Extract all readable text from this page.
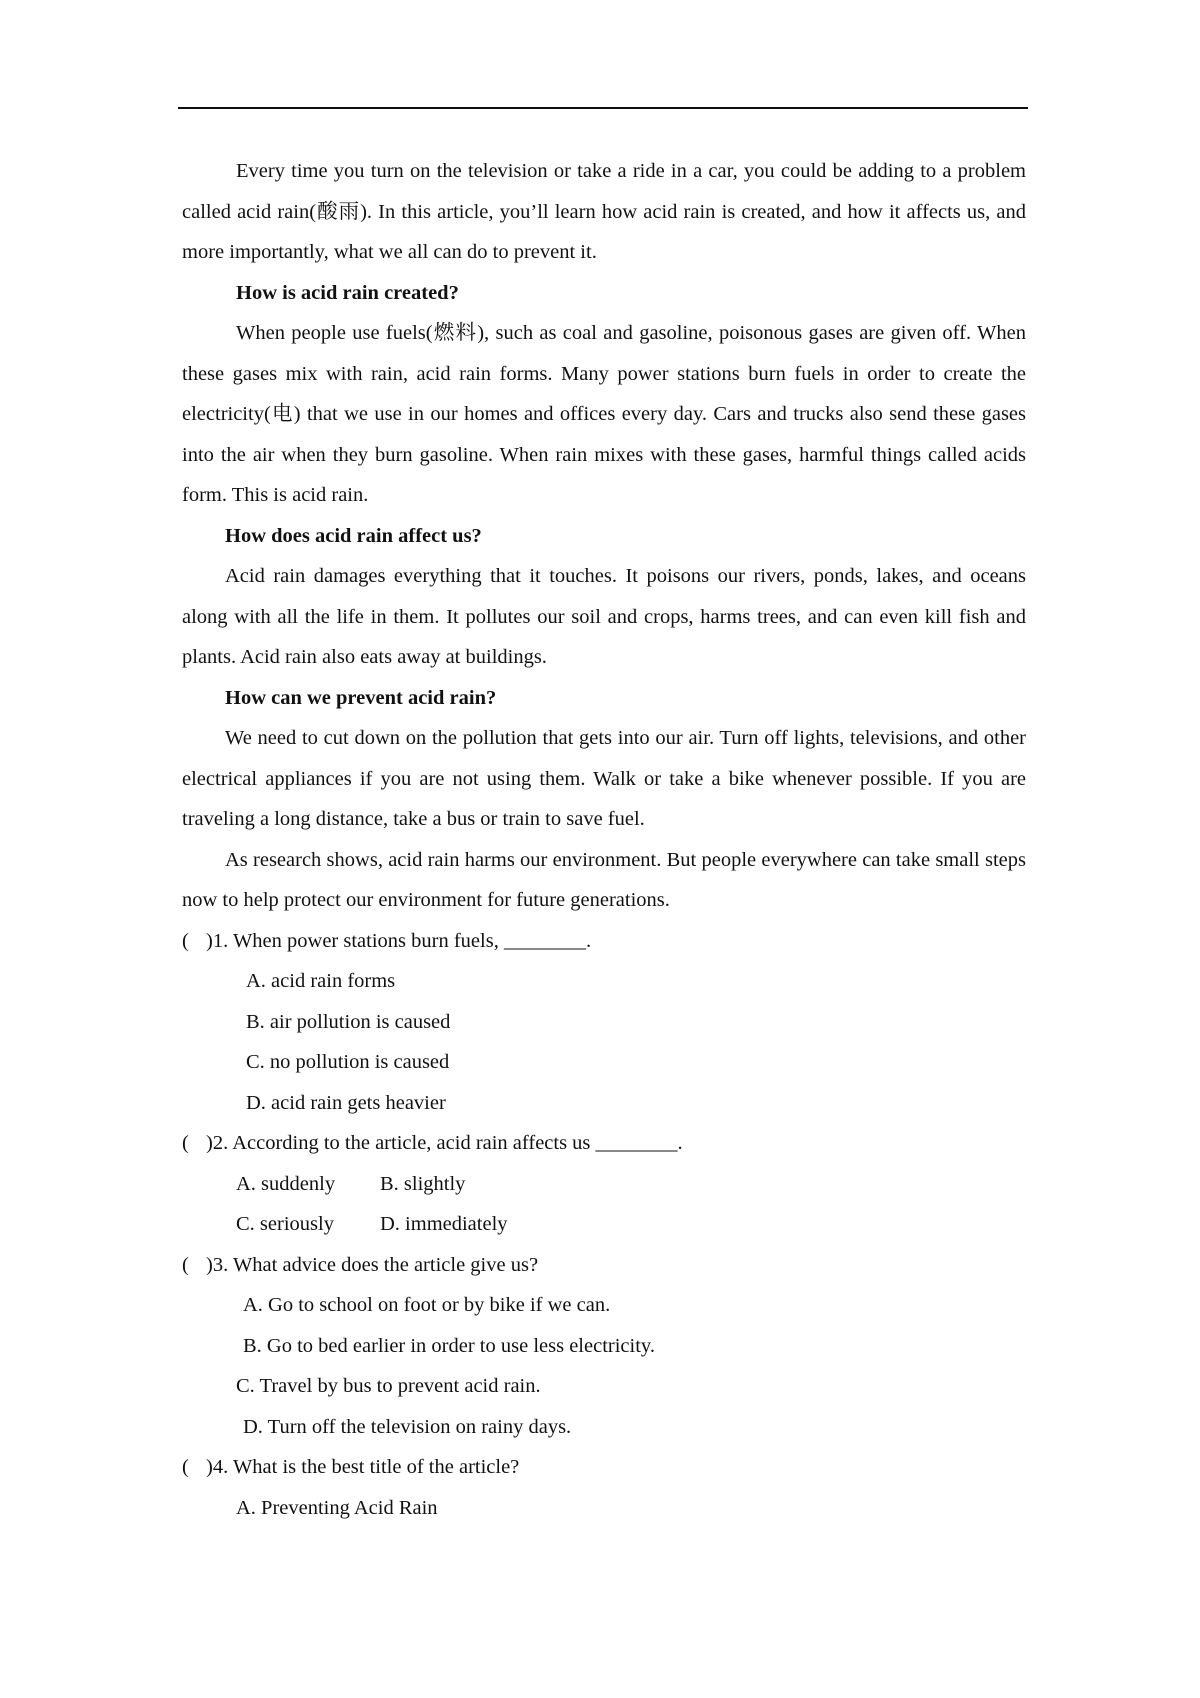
Every time you turn on the television or take a ride in a car, you could be adding to a problem called acid rain(酸雨). In this article, you’ll learn how acid rain is created, and how it affects us, and more importantly, what we all can do to prevent it.

How is acid rain created?

When people use fuels(燃料), such as coal and gasoline, poisonous gases are given off. When these gases mix with rain, acid rain forms. Many power stations burn fuels in order to create the electricity(电) that we use in our homes and offices every day. Cars and trucks also send these gases into the air when they burn gasoline. When rain mixes with these gases, harmful things called acids form. This is acid rain.

How does acid rain affect us?

Acid rain damages everything that it touches. It poisons our rivers, ponds, lakes, and oceans along with all the life in them. It pollutes our soil and crops, harms trees, and can even kill fish and plants. Acid rain also eats away at buildings.

How can we prevent acid rain?

We need to cut down on the pollution that gets into our air. Turn off lights, televisions, and other electrical appliances if you are not using them. Walk or take a bike whenever possible. If you are traveling a long distance, take a bus or train to save fuel.

As research shows, acid rain harms our environment. But people everywhere can take small steps now to help protect our environment for future generations.

( )1. When power stations burn fuels, ________.

A. acid rain forms

B. air pollution is caused

C. no pollution is caused

D. acid rain gets heavier

( )2. According to the article, acid rain affects us ________.

A. suddenly B. slightly

C. seriously D. immediately

( )3. What advice does the article give us?

A. Go to school on foot or by bike if we can.

B. Go to bed earlier in order to use less electricity.

C. Travel by bus to prevent acid rain.

D. Turn off the television on rainy days.

( )4. What is the best title of the article?

A. Preventing Acid Rain
